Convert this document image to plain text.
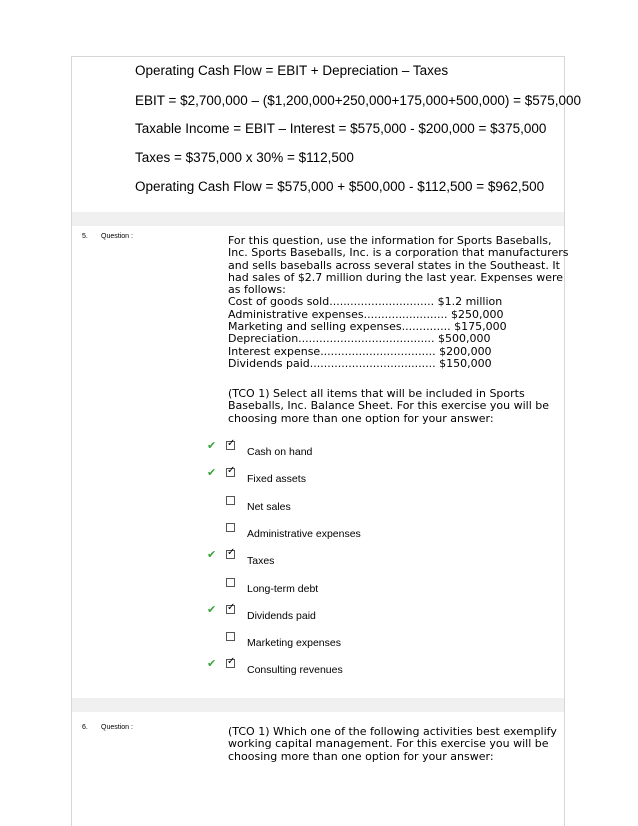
Operating Cash Flow = EBIT + Depreciation – Taxes
EBIT = $2,700,000 – ($1,200,000+250,000+175,000+500,000) = $575,000
Taxable Income = EBIT – Interest = $575,000 - $200,000 = $375,000
Taxes = $375,000 x 30% = $112,500
Operating Cash Flow = $575,000 + $500,000 - $112,500 = $962,500
5. Question :	For this question, use the information for Sports Baseballs,
Inc. Sports Baseballs, Inc. is a corporation that manufacturers
and sells baseballs across several states in the Southeast. It
had sales of $2.7 million during the last year. Expenses were
as follows:
Cost of goods sold.............................. $1.2 million
Administrative expenses........................ $250,000
Marketing and selling expenses.............. $175,000
Depreciation....................................... $500,000
Interest expense................................. $200,000
Dividends paid.................................... $150,000
(TCO 1) Select all items that will be included in Sports
Baseballs, Inc. Balance Sheet. For this exercise you will be
choosing more than one option for your answer:
✔
✓	Cash on hand
✔
✓	Fixed assets
Net sales
Administrative expenses
✔
✓	Taxes
Long-term debt
✔
✓	Dividends paid
Marketing expenses
✔
✓	Consulting revenues
6. Question :	(TCO 1) Which one of the following activities best exemplify
working capital management. For this exercise you will be
choosing more than one option for your answer:
